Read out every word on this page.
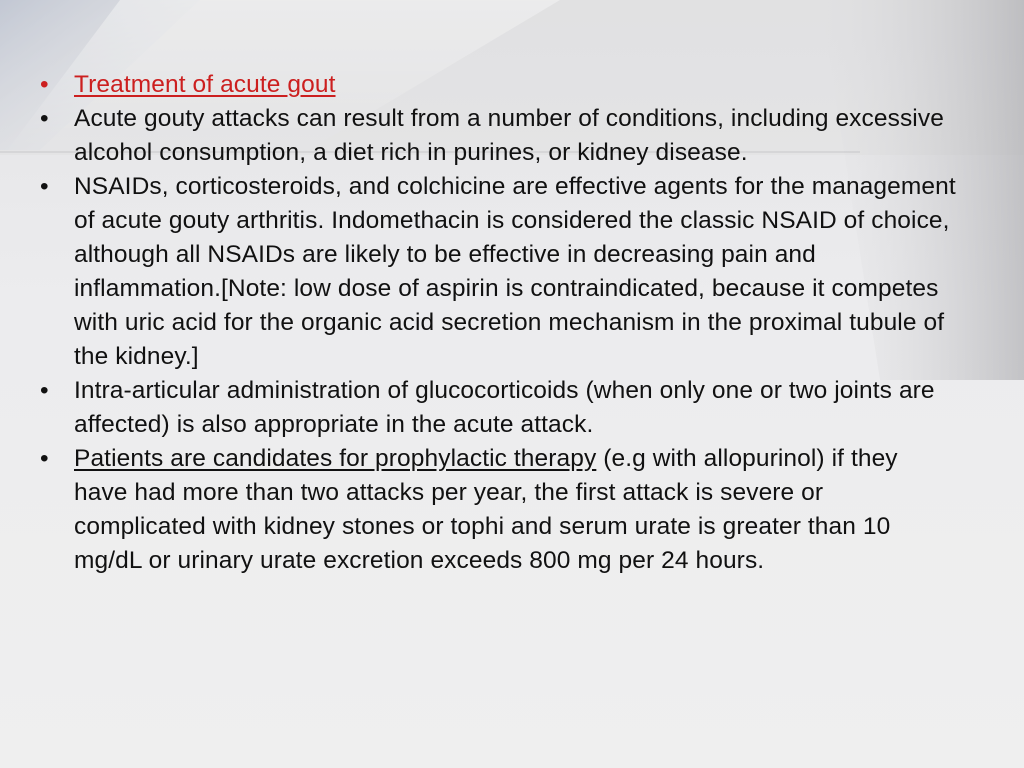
•	Treatment of acute gout
•	Acute gouty attacks can result from a number of conditions, including excessive alcohol consumption, a diet rich in purines, or kidney disease.
•	NSAIDs, corticosteroids, and colchicine are effective agents for the management of acute gouty arthritis. Indomethacin is considered the classic NSAID of choice, although all NSAIDs are likely to be effective in decreasing pain and inflammation.[Note: low dose of aspirin is contraindicated, because it competes with uric acid for the organic acid secretion mechanism in the proximal tubule of the kidney.]
•	Intra-articular administration of glucocorticoids (when only one or two joints are affected) is also appropriate in the acute attack.
•	Patients are candidates for prophylactic therapy (e.g with allopurinol) if they have had more than two attacks per year, the first attack is severe or complicated with kidney stones or tophi and serum urate is greater than 10 mg/dL or urinary urate excretion exceeds 800 mg per 24 hours.
